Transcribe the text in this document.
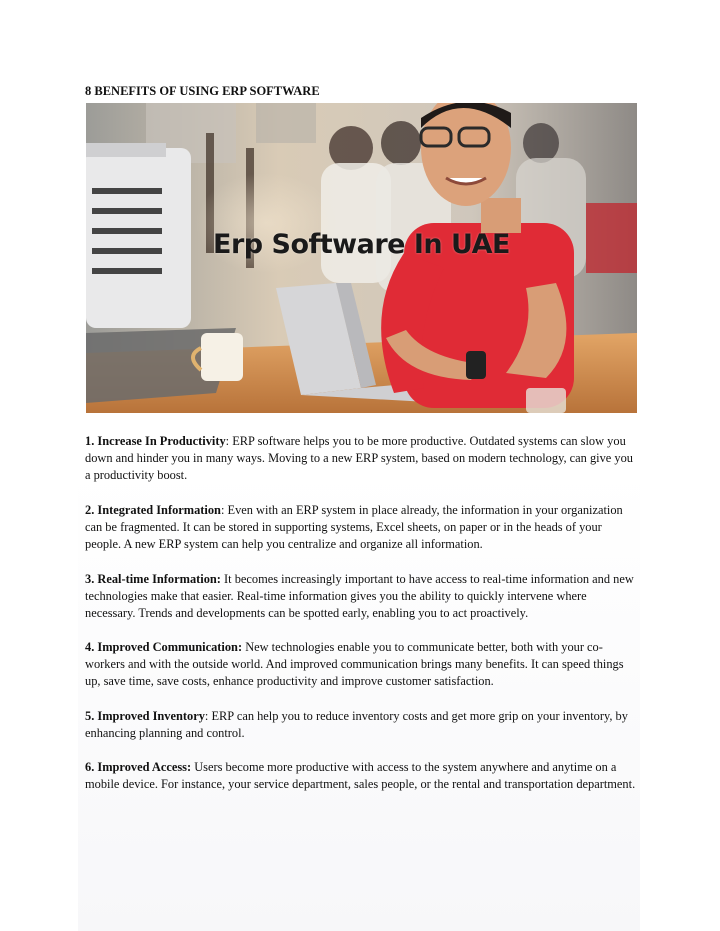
8 BENEFITS OF USING ERP SOFTWARE
Erp Software In UAE
1. Increase In Productivity: ERP software helps you to be more productive. Outdated systems can slow you down and hinder you in many ways. Moving to a new ERP system, based on modern technology, can give you a productivity boost.
2. Integrated Information: Even with an ERP system in place already, the information in your organization can be fragmented. It can be stored in supporting systems, Excel sheets, on paper or in the heads of your people. A new ERP system can help you centralize and organize all information.
3. Real-time Information: It becomes increasingly important to have access to real-time information and new technologies make that easier. Real-time information gives you the ability to quickly intervene where necessary. Trends and developments can be spotted early, enabling you to act proactively.
4. Improved Communication: New technologies enable you to communicate better, both with your co-workers and with the outside world. And improved communication brings many benefits. It can speed things up, save time, save costs, enhance productivity and improve customer satisfaction.
5. Improved Inventory: ERP can help you to reduce inventory costs and get more grip on your inventory, by enhancing planning and control.
6. Improved Access: Users become more productive with access to the system anywhere and anytime on a mobile device. For instance, your service department, sales people, or the rental and transportation department.
